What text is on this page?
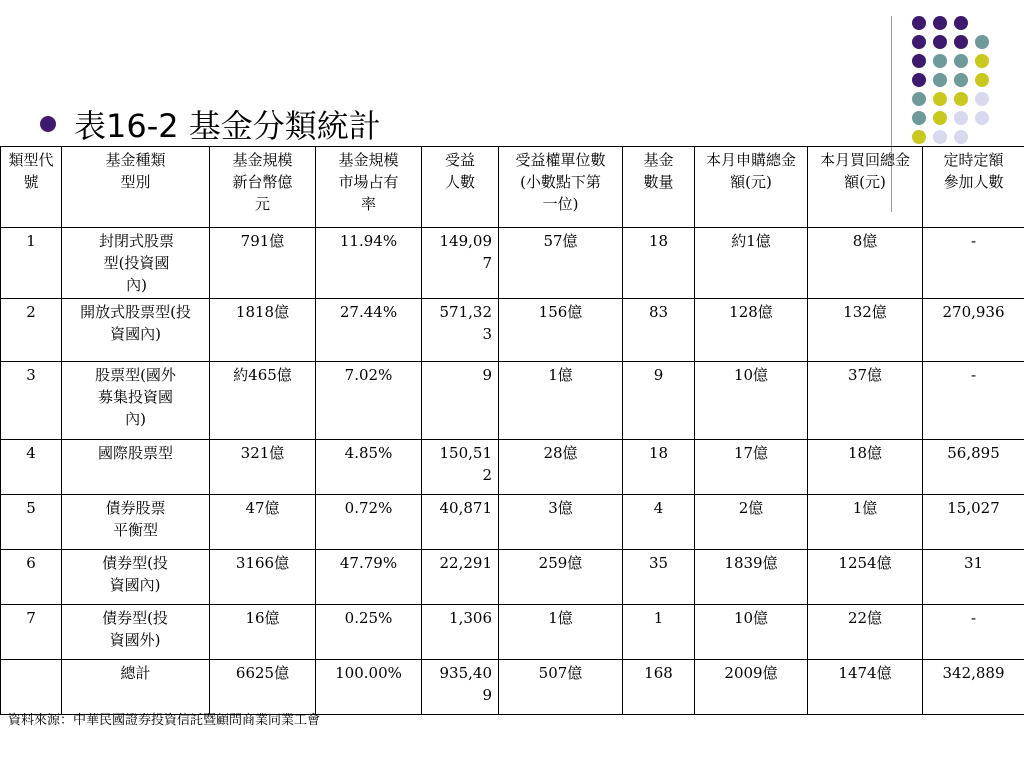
表16-2 基金分類統計
類型代號	基金種類型別	基金規模新台幣億元	基金規模市場占有率	受益人數	受益權單位數(小數點下第一位)	基金數量	本月申購總金額(元)	本月買回總金額(元)	定時定額參加人數
1	封閉式股票型(投資國內)	791億	11.94%	149,097	57億	18	約1億	8億	-
2	開放式股票型(投資國內)	1818億	27.44%	571,323	156億	83	128億	132億	270,936
3	股票型(國外募集投資國內)	約465億	7.02%	9	1億	9	10億	37億	-
4	國際股票型	321億	4.85%	150,512	28億	18	17億	18億	56,895
5	債券股票平衡型	47億	0.72%	40,871	3億	4	2億	1億	15,027
6	債券型(投資國內)	3166億	47.79%	22,291	259億	35	1839億	1254億	31
7	債券型(投資國外)	16億	0.25%	1,306	1億	1	10億	22億	-
	總計	6625億	100.00%	935,409	507億	168	2009億	1474億	342,889
資料來源：中華民國證券投資信託暨顧問商業同業工會
